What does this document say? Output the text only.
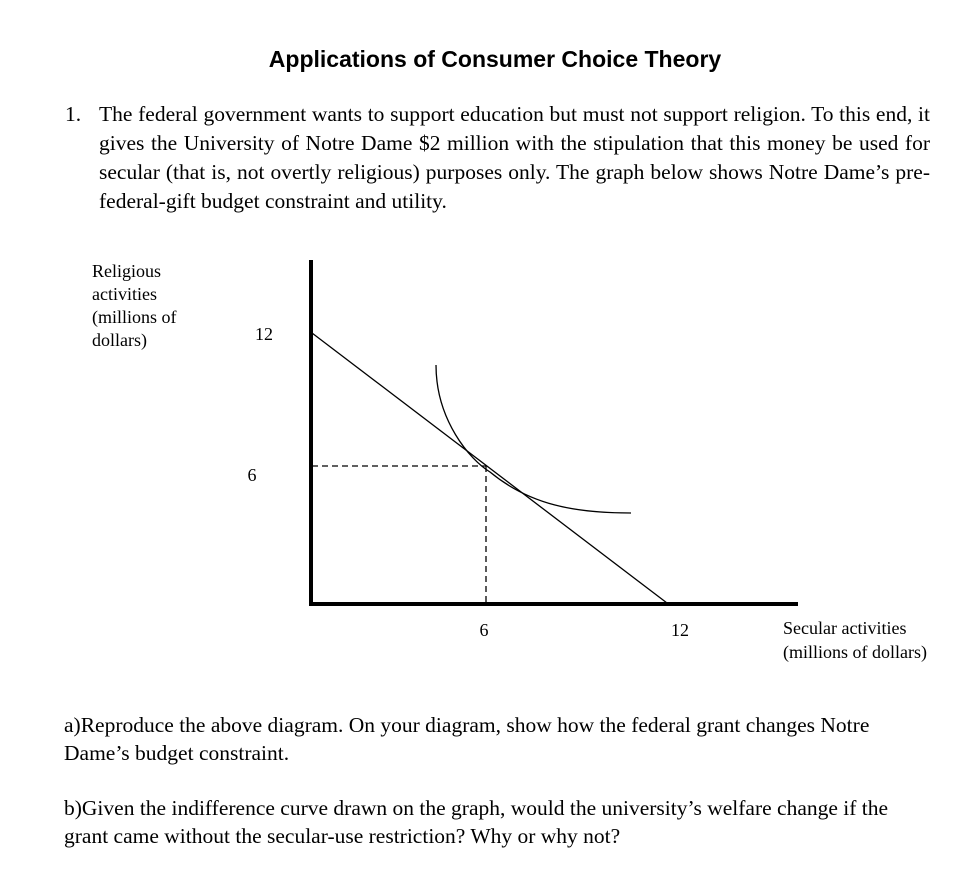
Applications of Consumer Choice Theory
1. The federal government wants to support education but must not support religion. To this end, it gives the University of Notre Dame $2 million with the stipulation that this money be used for secular (that is, not overtly religious) purposes only. The graph below shows Notre Dame’s pre-federal-gift budget constraint and utility.
Religious activities (millions of dollars)	12
6
6	12	Secular activities (millions of dollars)
a)Reproduce the above diagram. On your diagram, show how the federal grant changes Notre Dame’s budget constraint.
b)Given the indifference curve drawn on the graph, would the university’s welfare change if the grant came without the secular-use restriction? Why or why not?
